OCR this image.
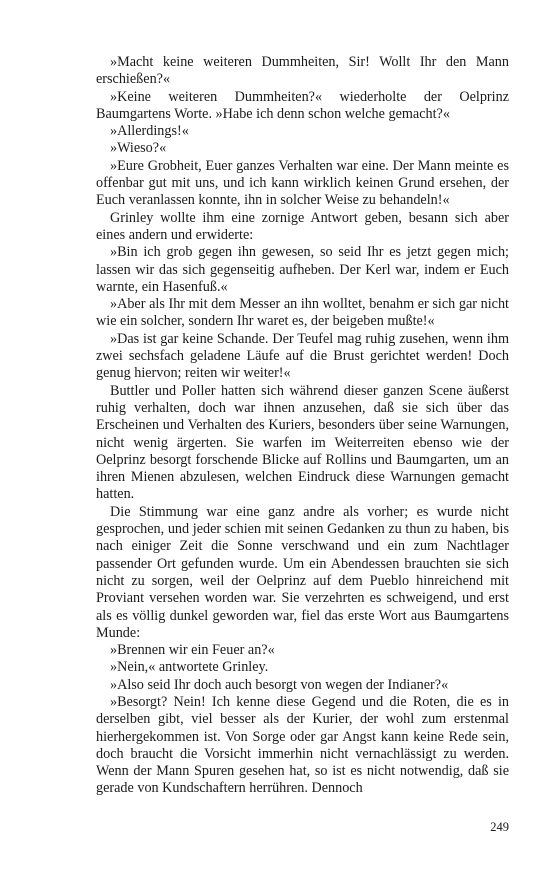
»Macht keine weiteren Dummheiten, Sir! Wollt Ihr den Mann erschießen?«

»Keine weiteren Dummheiten?« wiederholte der Oelprinz Baumgartens Worte. »Habe ich denn schon welche gemacht?«

»Allerdings!«

»Wieso?«

»Eure Grobheit, Euer ganzes Verhalten war eine. Der Mann meinte es offenbar gut mit uns, und ich kann wirklich keinen Grund ersehen, der Euch veranlassen konnte, ihn in solcher Weise zu behandeln!«

Grinley wollte ihm eine zornige Antwort geben, besann sich aber eines andern und erwiderte:

»Bin ich grob gegen ihn gewesen, so seid Ihr es jetzt gegen mich; lassen wir das sich gegenseitig aufheben. Der Kerl war, indem er Euch warnte, ein Hasenfuß.«

»Aber als Ihr mit dem Messer an ihn wolltet, benahm er sich gar nicht wie ein solcher, sondern Ihr waret es, der beigeben mußte!«

»Das ist gar keine Schande. Der Teufel mag ruhig zusehen, wenn ihm zwei sechsfach geladene Läufe auf die Brust gerichtet werden! Doch genug hiervon; reiten wir weiter!«

Buttler und Poller hatten sich während dieser ganzen Scene äußerst ruhig verhalten, doch war ihnen anzusehen, daß sie sich über das Erscheinen und Verhalten des Kuriers, besonders über seine Warnungen, nicht wenig ärgerten. Sie warfen im Weiterreiten ebenso wie der Oelprinz besorgt forschende Blicke auf Rollins und Baumgarten, um an ihren Mienen abzulesen, welchen Eindruck diese Warnungen gemacht hatten.

Die Stimmung war eine ganz andre als vorher; es wurde nicht gesprochen, und jeder schien mit seinen Gedanken zu thun zu haben, bis nach einiger Zeit die Sonne verschwand und ein zum Nachtlager passender Ort gefunden wurde. Um ein Abendessen brauchten sie sich nicht zu sorgen, weil der Oelprinz auf dem Pueblo hinreichend mit Proviant versehen worden war. Sie verzehrten es schweigend, und erst als es völlig dunkel geworden war, fiel das erste Wort aus Baumgartens Munde:

»Brennen wir ein Feuer an?«

»Nein,« antwortete Grinley.

»Also seid Ihr doch auch besorgt von wegen der Indianer?«

»Besorgt? Nein! Ich kenne diese Gegend und die Roten, die es in derselben gibt, viel besser als der Kurier, der wohl zum erstenmal hierhergekommen ist. Von Sorge oder gar Angst kann keine Rede sein, doch braucht die Vorsicht immerhin nicht vernachlässigt zu werden. Wenn der Mann Spuren gesehen hat, so ist es nicht notwendig, daß sie gerade von Kundschaftern herrühren. Dennoch

249
